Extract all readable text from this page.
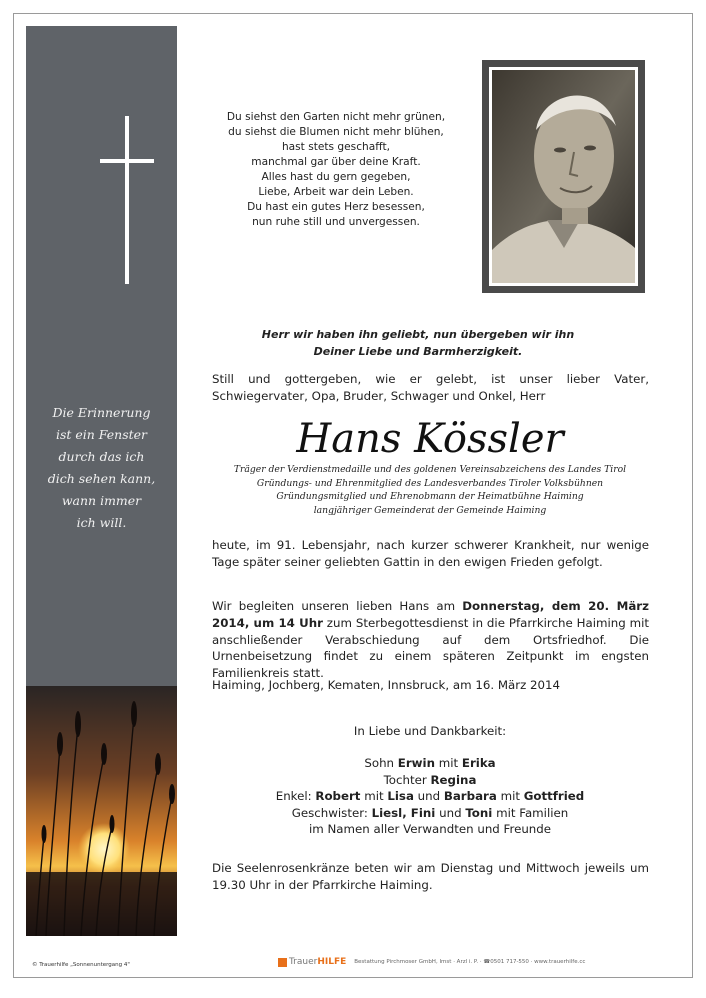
Die Erinnerung
ist ein Fenster
durch das ich
dich sehen kann,
wann immer
ich will.
Du siehst den Garten nicht mehr grünen,
du siehst die Blumen nicht mehr blühen,
hast stets geschafft,
manchmal gar über deine Kraft.
Alles hast du gern gegeben,
Liebe, Arbeit war dein Leben.
Du hast ein gutes Herz besessen,
nun ruhe still und unvergessen.
Herr wir haben ihn geliebt, nun übergeben wir ihn
Deiner Liebe und Barmherzigkeit.
Still und gottergeben, wie er gelebt, ist unser lieber Vater, Schwiegervater, Opa, Bruder, Schwager und Onkel, Herr
Hans Kössler
Träger der Verdienstmedaille und des goldenen Vereinsabzeichens des Landes Tirol
Gründungs- und Ehrenmitglied des Landesverbandes Tiroler Volksbühnen
Gründungsmitglied und Ehrenobmann der Heimatbühne Haiming
langjähriger Gemeinderat der Gemeinde Haiming
heute, im 91. Lebensjahr, nach kurzer schwerer Krankheit, nur wenige Tage später seiner geliebten Gattin in den ewigen Frieden gefolgt.
Wir begleiten unseren lieben Hans am Donnerstag, dem 20. März 2014, um 14 Uhr zum Sterbegottesdienst in die Pfarrkirche Haiming mit anschließender Verabschiedung auf dem Ortsfriedhof. Die Urnenbeisetzung findet zu einem späteren Zeitpunkt im engsten Familienkreis statt.
Haiming, Jochberg, Kematen, Innsbruck, am 16. März 2014
In Liebe und Dankbarkeit:
Sohn Erwin mit Erika
Tochter Regina
Enkel: Robert mit Lisa und Barbara mit Gottfried
Geschwister: Liesl, Fini und Toni mit Familien
im Namen aller Verwandten und Freunde
Die Seelenrosenkränze beten wir am Dienstag und Mittwoch jeweils um 19.30 Uhr in der Pfarrkirche Haiming.
© Trauerhilfe „Sonnenuntergang 4"	Trauer HILFE Bestattung Pirchmoser GmbH, Imst · Arzl i. P. · ☎0501 717-550 · www.trauerhilfe.cc
